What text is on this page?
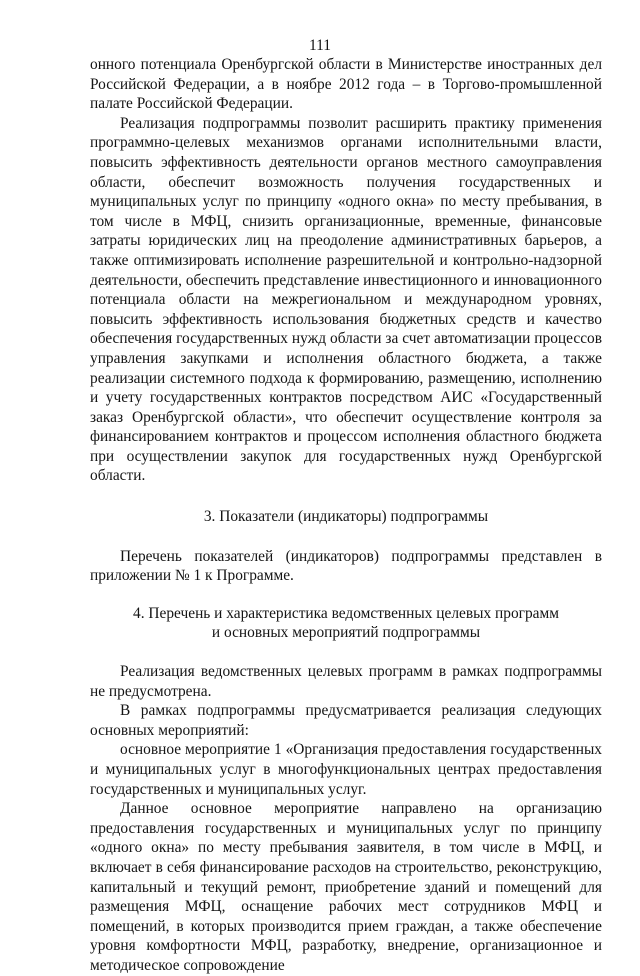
111

онного потенциала Оренбургской области в Министерстве иностранных дел Российской Федерации, а в ноябре 2012 года – в Торгово-промышленной палате Российской Федерации.

Реализация подпрограммы позволит расширить практику применения программно-целевых механизмов органами исполнительными власти, повысить эффективность деятельности органов местного самоуправления области, обеспечит возможность получения государственных и муниципальных услуг по принципу «одного окна» по месту пребывания, в том числе в МФЦ, снизить организационные, временные, финансовые затраты юридических лиц на преодоление административных барьеров, а также оптимизировать исполнение разрешительной и контрольно-надзорной деятельности, обеспечить представление инвестиционного и инновационного потенциала области на межрегиональном и международном уровнях, повысить эффективность использования бюджетных средств и качество обеспечения государственных нужд области за счет автоматизации процессов управления закупками и исполнения областного бюджета, а также реализации системного подхода к формированию, размещению, исполнению и учету государственных контрактов посредством АИС «Государственный заказ Оренбургской области», что обеспечит осуществление контроля за финансированием контрактов и процессом исполнения областного бюджета при осуществлении закупок для государственных нужд Оренбургской области.

3. Показатели (индикаторы) подпрограммы

Перечень показателей (индикаторов) подпрограммы представлен в приложении № 1 к Программе.

4. Перечень и характеристика ведомственных целевых программ

и основных мероприятий подпрограммы

Реализация ведомственных целевых программ в рамках подпрограммы не предусмотрена.

В рамках подпрограммы предусматривается реализация следующих основных мероприятий:

основное мероприятие 1 «Организация предоставления государственных и муниципальных услуг в многофункциональных центрах предоставления государственных и муниципальных услуг.

Данное основное мероприятие направлено на организацию предоставления государственных и муниципальных услуг по принципу «одного окна» по месту пребывания заявителя, в том числе в МФЦ, и включает в себя финансирование расходов на строительство, реконструкцию, капитальный и текущий ремонт, приобретение зданий и помещений для размещения МФЦ, оснащение рабочих мест сотрудников МФЦ и помещений, в которых производится прием граждан, а также обеспечение уровня комфортности МФЦ, разработку, внедрение, организационное и методическое сопровождение
